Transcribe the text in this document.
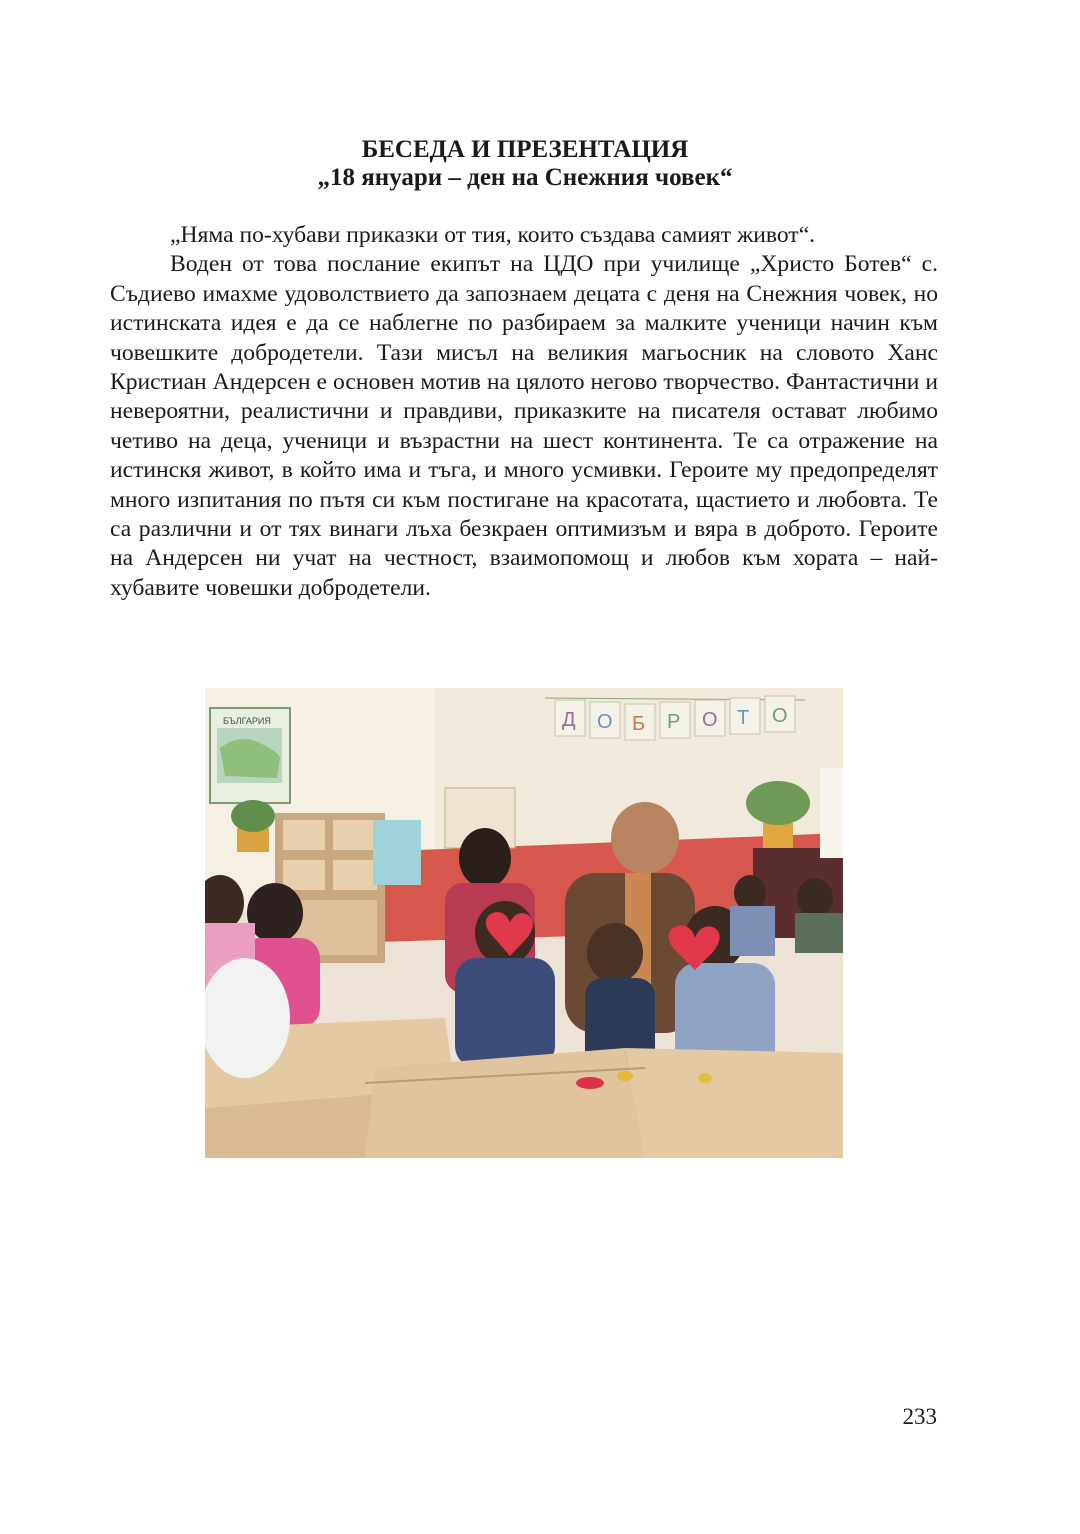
БЕСЕДА И ПРЕЗЕНТАЦИЯ
„18 януари – ден на Снежния човек“

„Няма по-хубави приказки от тия, които създава самият живот“.

Воден от това послание екипът на ЦДО при училище „Христо Ботев“ с. Съдиево имахме удоволствието да запознаем децата с деня на Снежния човек, но истинската идея е да се наблегне по разбираем за малките ученици начин към човешките добродетели. Тази мисъл на великия магьосник на словото Ханс Кристиан Андерсен е основен мотив на цялото негово творчество. Фантастични и невероятни, реалистични и правдиви, приказките на писателя остават любимо четиво на деца, ученици и възрастни на шест континента. Те са отражение на истинскя живот, в който има и тъга, и много усмивки. Героите му предопределят много изпитания по пътя си към постигане на красотата, щастието и любовта. Те са различни и от тях винаги лъха безкраен оптимизъм и вяра в доброто. Героите на Андерсен ни учат на честност, взаимопомощ и любов към хората – най-хубавите човешки добродетели.

БЪЛГАРИЯ	Д О Б Р О Т О
233
